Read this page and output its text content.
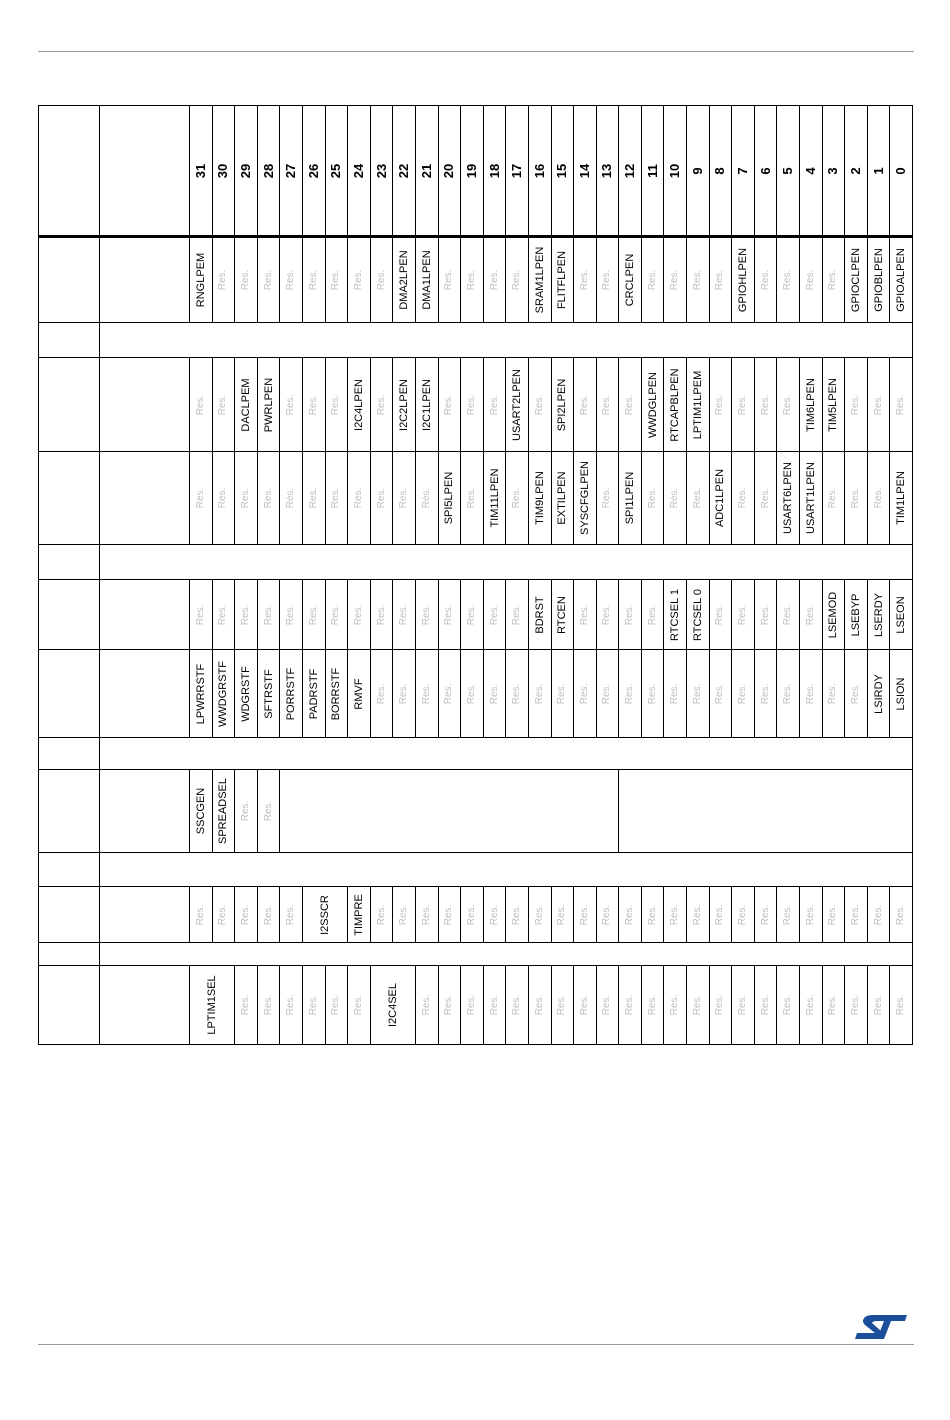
31 30 29 28 27 26 25 24 23 22 21 20 19 18 17 16 15 14 13 12 11 10 9 8 7 6 5 4 3 2 1 0
RNGLPEM Res. Res. Res. Res. Res. Res. Res. Res. DMA2LPEN DMA1LPEN Res. Res. Res. Res. SRAM1LPEN FLITFLPEN Res. Res. CRCLPEN Res. Res. Res. Res. GPIOHLPEN Res. Res. Res. Res. GPIOCLPEN GPIOBLPEN GPIOALPEN
Res. Res. DACLPEM PWRLPEN Res. Res. Res. I2C4LPEN Res. I2C2LPEN I2C1LPEN Res. Res. Res. USART2LPEN Res. SPI2LPEN Res. Res. Res. WWDGLPEN RTCAPBLPEN LPTIM1LPEM Res. Res. Res. Res. TIM6LPEN TIM5LPEN Res. Res. Res.
Res. Res. Res. Res. Res. Res. Res. Res. Res. Res. Res. SPI5LPEN Res. TIM11LPEN Res. TIM9LPEN EXTILPEN SYSCFGLPEN Res. SPI1LPEN Res. Res. Res. ADC1LPEN Res. Res. USART6LPEN USART1LPEN Res. Res. Res. TIM1LPEN
Res. Res. Res. Res. Res. Res. Res. Res. Res. Res. Res. Res. Res. Res. Res. BDRST RTCEN Res. Res. Res. Res. RTCSEL 1 RTCSEL 0 Res. Res. Res. Res. Res. LSEMOD LSEBYP LSERDY LSEON
LPWRRSTF WWDGRSTF WDGRSTF SFTRSTF PORRSTF PADRSTF BORRSTF RMVF Res. Res. Res. Res. Res. Res. Res. Res. Res. Res. Res. Res. Res. Res. Res. Res. Res. Res. Res. Res. Res. Res. LSIRDY LSION
SSCGEN SPREADSEL Res. Res.
Res. Res. Res. Res. Res. I2SSCR TIMPRE Res. Res. Res. Res. Res. Res. Res. Res. Res. Res. Res. Res. Res. Res. Res. Res. Res. Res. Res. Res. Res. Res. Res. Res.
LPTIM1SEL Res. Res. Res. Res. Res. Res. I2C4SEL Res. Res. Res. Res. Res. Res. Res. Res. Res. Res. Res. Res. Res. Res. Res. Res. Res. Res. Res. Res. Res. Res.
